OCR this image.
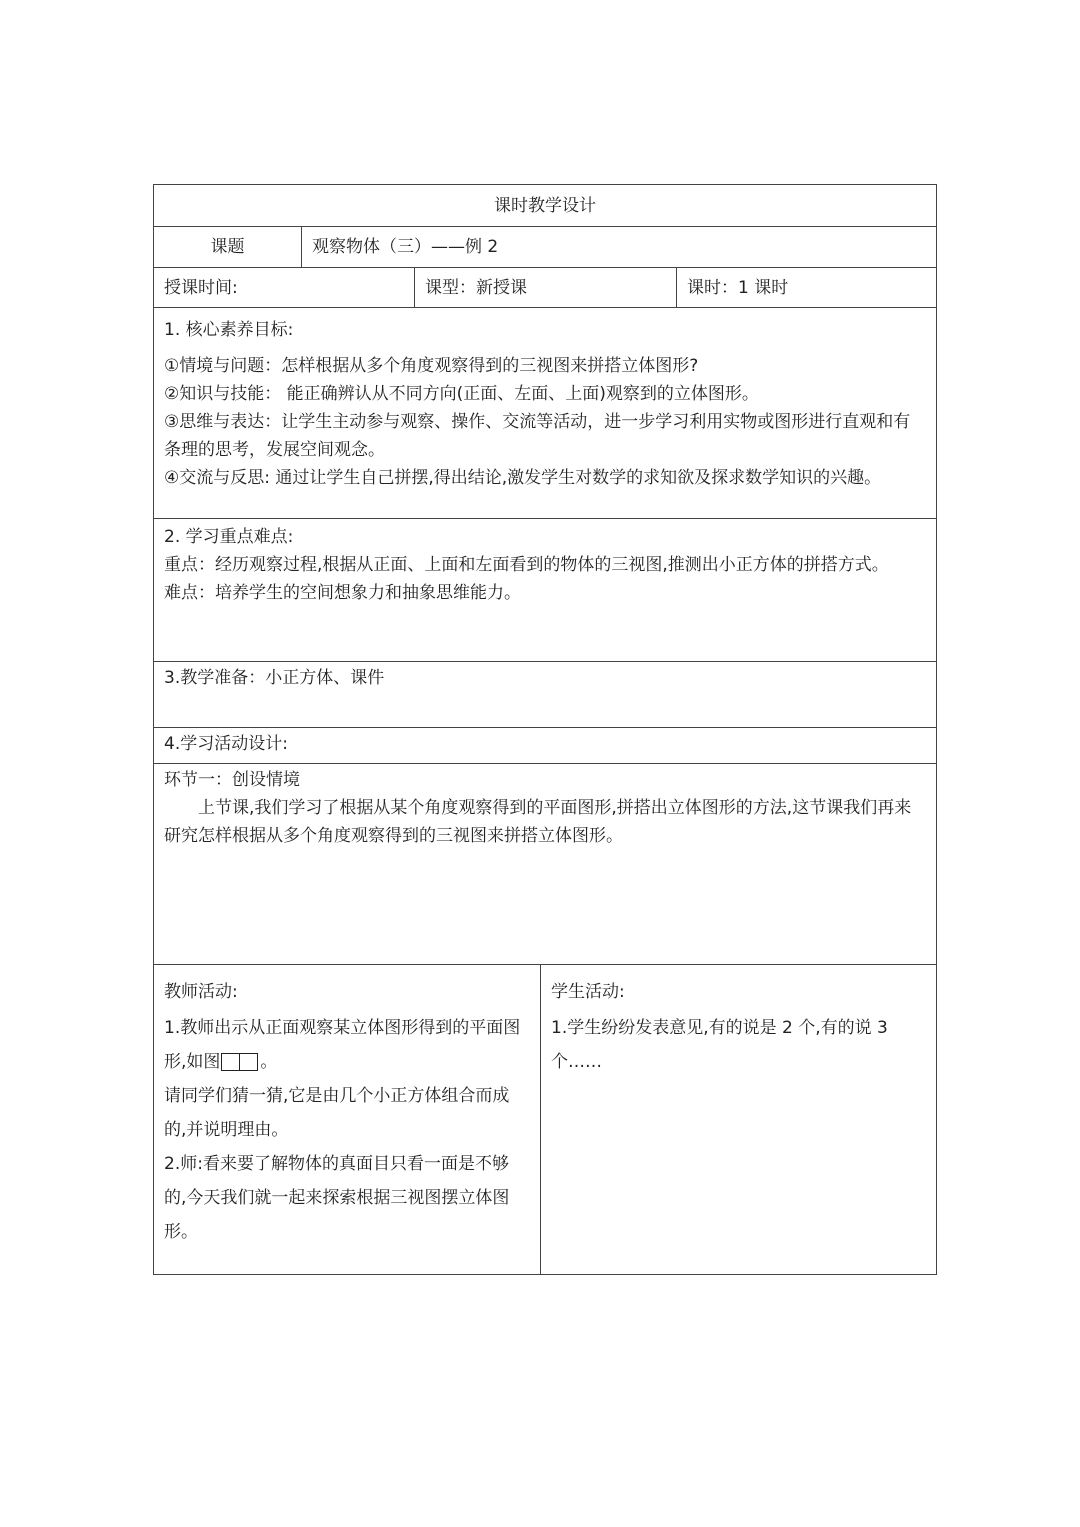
课时教学设计
课题	观察物体（三）——例 2
授课时间:	课型：新授课	课时：1 课时

1. 核心素养目标:

①情境与问题：怎样根据从多个角度观察得到的三视图来拼搭立体图形?

②知识与技能： 能正确辨认从不同方向(正面、左面、上面)观察到的立体图形。

③思维与表达：让学生主动参与观察、操作、交流等活动，进一步学习利用实物或图形进行直观和有条理的思考，发展空间观念。

④交流与反思: 通过让学生自己拼摆,得出结论,激发学生对数学的求知欲及探求数学知识的兴趣。

2. 学习重点难点:

重点：经历观察过程,根据从正面、上面和左面看到的物体的三视图,推测出小正方体的拼搭方式。

难点：培养学生的空间想象力和抽象思维能力。

3.教学准备：小正方体、课件
4.学习活动设计:

环节一：创设情境

上节课,我们学习了根据从某个角度观察得到的平面图形,拼搭出立体图形的方法,这节课我们再来研究怎样根据从多个角度观察得到的三视图来拼搭立体图形。

教师活动:

1.教师出示从正面观察某立体图形得到的平面图形,如图 。

请同学们猜一猜,它是由几个小正方体组合而成的,并说明理由。

2.师:看来要了解物体的真面目只看一面是不够的,今天我们就一起来探索根据三视图摆立体图形。

学生活动:

1.学生纷纷发表意见,有的说是 2 个,有的说 3 个……
